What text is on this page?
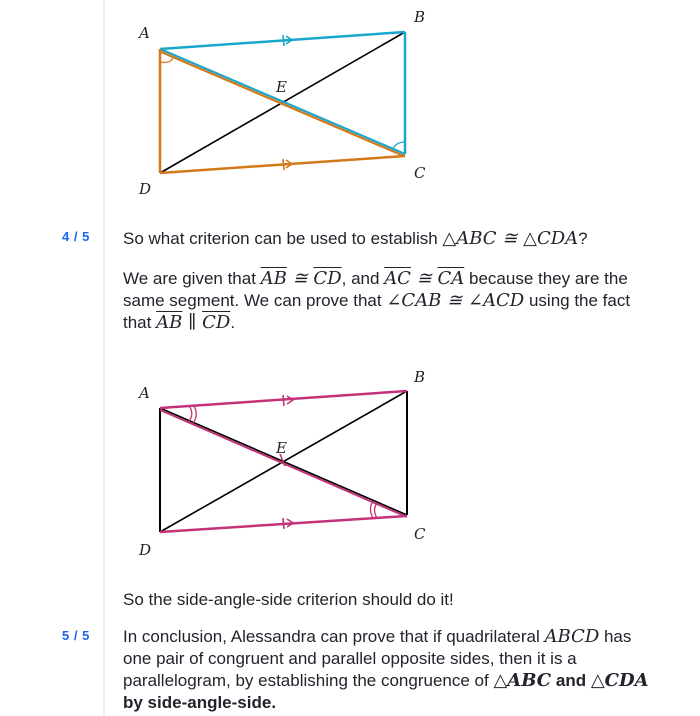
A
B
C
D
E
4 / 5 So what criterion can be used to establish △ABC ≅ △CDA?
We are given that $\overline{AB}$ ≅ $\overline{CD}$, and $\overline{AC}$ ≅ $\overline{CA}$ because they are the same segment. We can prove that ∠CAB ≅ ∠ACD using the fact that $\overline{AB}$ ∥ $\overline{CD}$.
A
B
C
D
E
So the side-angle-side criterion should do it!
5 / 5 In conclusion, Alessandra can prove that if quadrilateral ABCD has one pair of congruent and parallel opposite sides, then it is a parallelogram, by establishing the congruence of △ABC and △CDA by side-angle-side.
